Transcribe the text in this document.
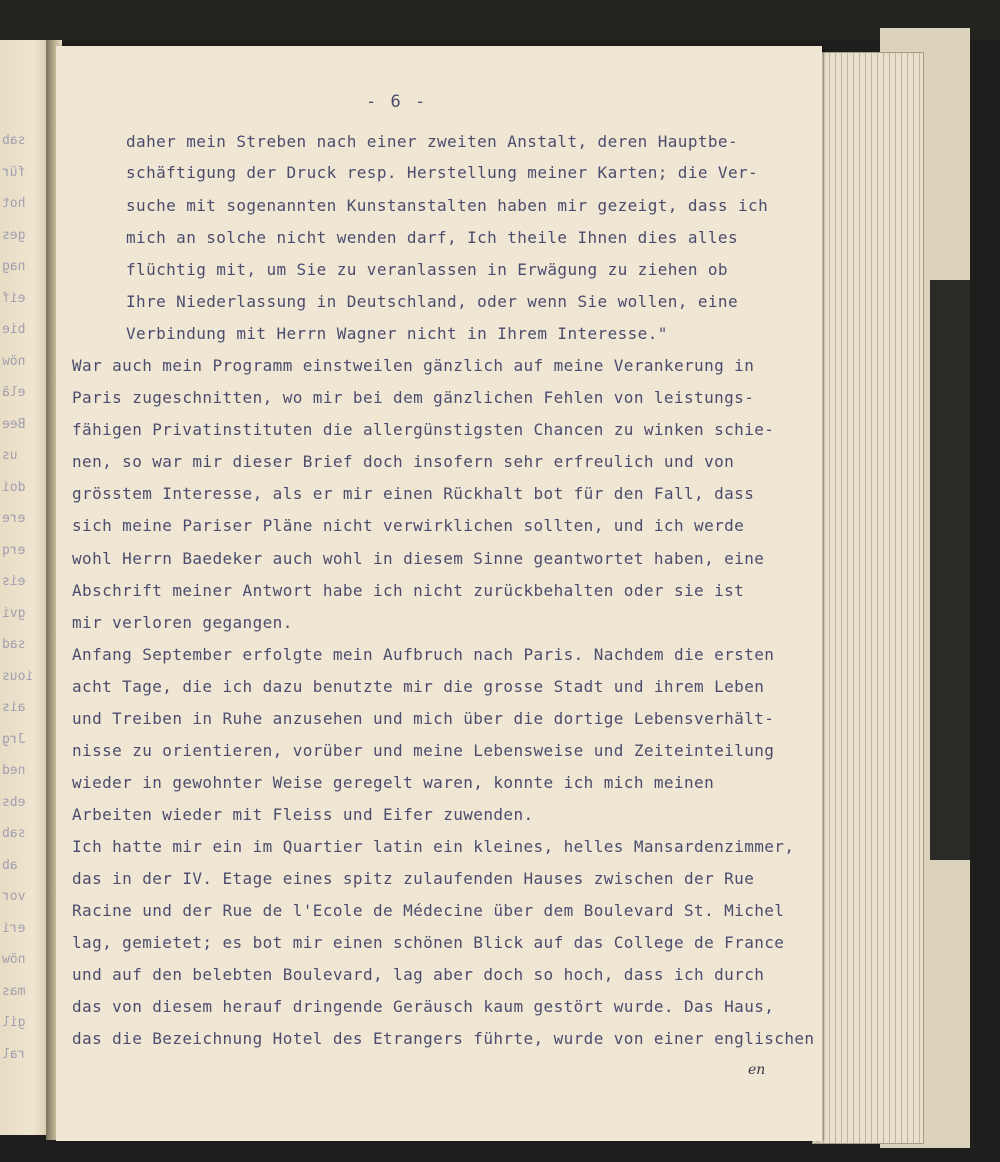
sab
für
hot
ges
nag
eif
bie
nöw
elä
Bee
us
doi
ere
erq
eis
gvi
sad
ious
ais
Jrg
ned
ebs
sab
ab
vor
eri
nöw
mas
gil
ral
- 6 -
daher mein Streben nach einer zweiten Anstalt, deren Hauptbe-
schäftigung der Druck resp. Herstellung meiner Karten; die Ver-
suche mit sogenannten Kunstanstalten haben mir gezeigt, dass ich
mich an solche nicht wenden darf, Ich theile Ihnen dies alles
flüchtig mit, um Sie zu veranlassen in Erwägung zu ziehen ob
Ihre Niederlassung in Deutschland, oder wenn Sie wollen, eine
Verbindung mit Herrn Wagner nicht in Ihrem Interesse."
War auch mein Programm einstweilen gänzlich auf meine Verankerung in
Paris zugeschnitten, wo mir bei dem gänzlichen Fehlen von leistungs-
fähigen Privatinstituten die allergünstigsten Chancen zu winken schie-
nen, so war mir dieser Brief doch insofern sehr erfreulich und von
grösstem Interesse, als er mir einen Rückhalt bot für den Fall, dass
sich meine Pariser Pläne nicht verwirklichen sollten, und ich werde
wohl Herrn Baedeker auch wohl in diesem Sinne geantwortet haben, eine
Abschrift meiner Antwort habe ich nicht zurückbehalten oder sie ist
mir verloren gegangen.
Anfang September erfolgte mein Aufbruch nach Paris. Nachdem die ersten
acht Tage, die ich dazu benutzte mir die grosse Stadt und ihrem Leben
und Treiben in Ruhe anzusehen und mich über die dortige Lebensverhält-
nisse zu orientieren, vorüber und meine Lebensweise und Zeiteinteilung
wieder in gewohnter Weise geregelt waren, konnte ich mich meinen
Arbeiten wieder mit Fleiss und Eifer zuwenden.
Ich hatte mir ein im Quartier latin ein kleines, helles Mansardenzimmer,
das in der IV. Etage eines spitz zulaufenden Hauses zwischen der Rue
Racine und der Rue de l'Ecole de Médecine über dem Boulevard St. Michel
lag, gemietet; es bot mir einen schönen Blick auf das College de France
und auf den belebten Boulevard, lag aber doch so hoch, dass ich durch
das von diesem herauf dringende Geräusch kaum gestört wurde. Das Haus,
das die Bezeichnung Hotel des Etrangers führte, wurde von einer englischen
en
